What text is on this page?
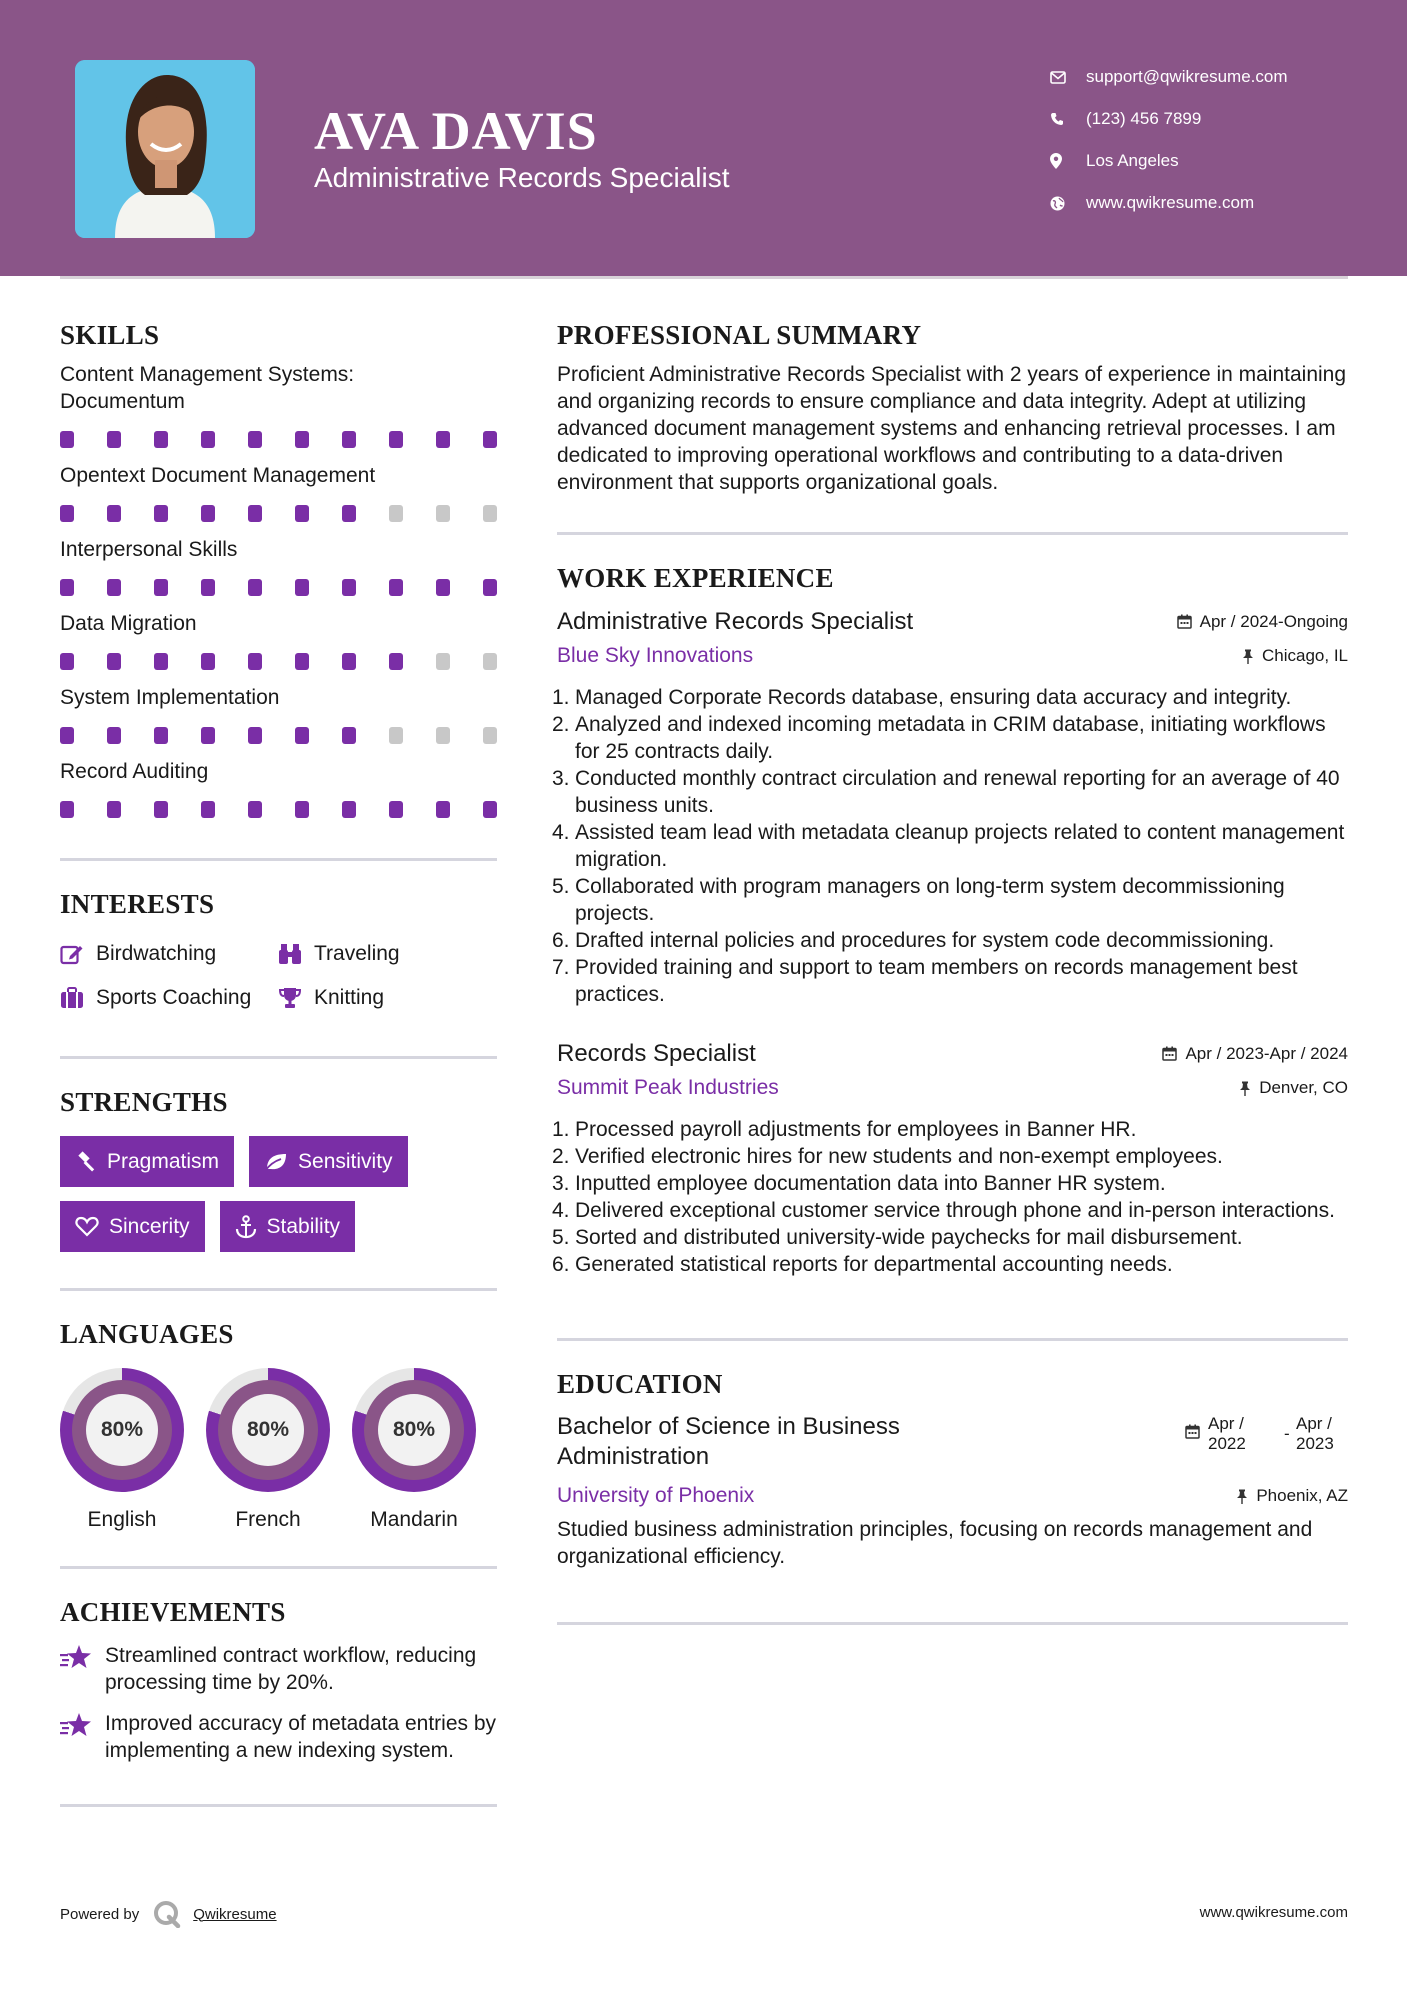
AVA DAVIS
Administrative Records Specialist
support@qwikresume.com
(123) 456 7899
Los Angeles
www.qwikresume.com
SKILLS
Content Management Systems: Documentum
Opentext Document Management
Interpersonal Skills
Data Migration
System Implementation
Record Auditing
INTERESTS
Birdwatching	Traveling
Sports Coaching	Knitting
STRENGTHS
Pragmatism	Sensitivity
Sincerity	Stability
LANGUAGES
80%
English
80%
French
80%
Mandarin
ACHIEVEMENTS
Streamlined contract workflow, reducing processing time by 20%.
Improved accuracy of metadata entries by implementing a new indexing system.
PROFESSIONAL SUMMARY
Proficient Administrative Records Specialist with 2 years of experience in maintaining and organizing records to ensure compliance and data integrity. Adept at utilizing advanced document management systems and enhancing retrieval processes. I am dedicated to improving operational workflows and contributing to a data-driven environment that supports organizational goals.
WORK EXPERIENCE
Administrative Records Specialist	Apr / 2024-Ongoing
Blue Sky Innovations	Chicago, IL
1. Managed Corporate Records database, ensuring data accuracy and integrity.
2. Analyzed and indexed incoming metadata in CRIM database, initiating workflows for 25 contracts daily.
3. Conducted monthly contract circulation and renewal reporting for an average of 40 business units.
4. Assisted team lead with metadata cleanup projects related to content management migration.
5. Collaborated with program managers on long-term system decommissioning projects.
6. Drafted internal policies and procedures for system code decommissioning.
7. Provided training and support to team members on records management best practices.
Records Specialist	Apr / 2023-Apr / 2024
Summit Peak Industries	Denver, CO
1. Processed payroll adjustments for employees in Banner HR.
2. Verified electronic hires for new students and non-exempt employees.
3. Inputted employee documentation data into Banner HR system.
4. Delivered exceptional customer service through phone and in-person interactions.
5. Sorted and distributed university-wide paychecks for mail disbursement.
6. Generated statistical reports for departmental accounting needs.
EDUCATION
Bachelor of Science in Business Administration
Apr / 2022
-
Apr / 2023
University of Phoenix	Phoenix, AZ
Studied business administration principles, focusing on records management and organizational efficiency.
Powered by	Qwikresume	www.qwikresume.com
